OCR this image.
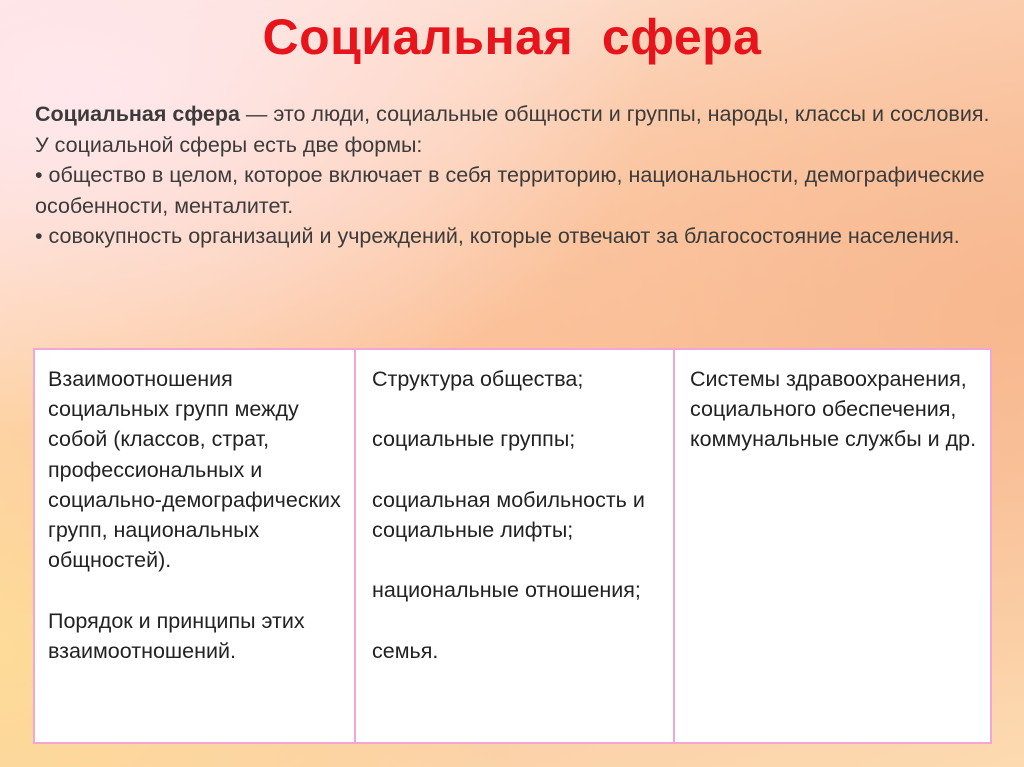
Социальная  сфера

Социальная сфера — это люди, социальные общности и группы, народы, классы и сословия.

У социальной сферы есть две формы:

• общество в целом, которое включает в себя территорию, национальности, демографические особенности, менталитет.

• совокупность организаций и учреждений, которые отвечают за благосостояние населения.

Взаимоотношения социальных групп между собой (классов, страт, профессиональных и социально-демографических групп, национальных общностей).

Порядок и принципы этих взаимоотношений.

Структура общества;

социальные группы;

социальная мобильность и социальные лифты;

национальные отношения;

семья.

Системы здравоохранения, социального обеспечения, коммунальные службы и др.
